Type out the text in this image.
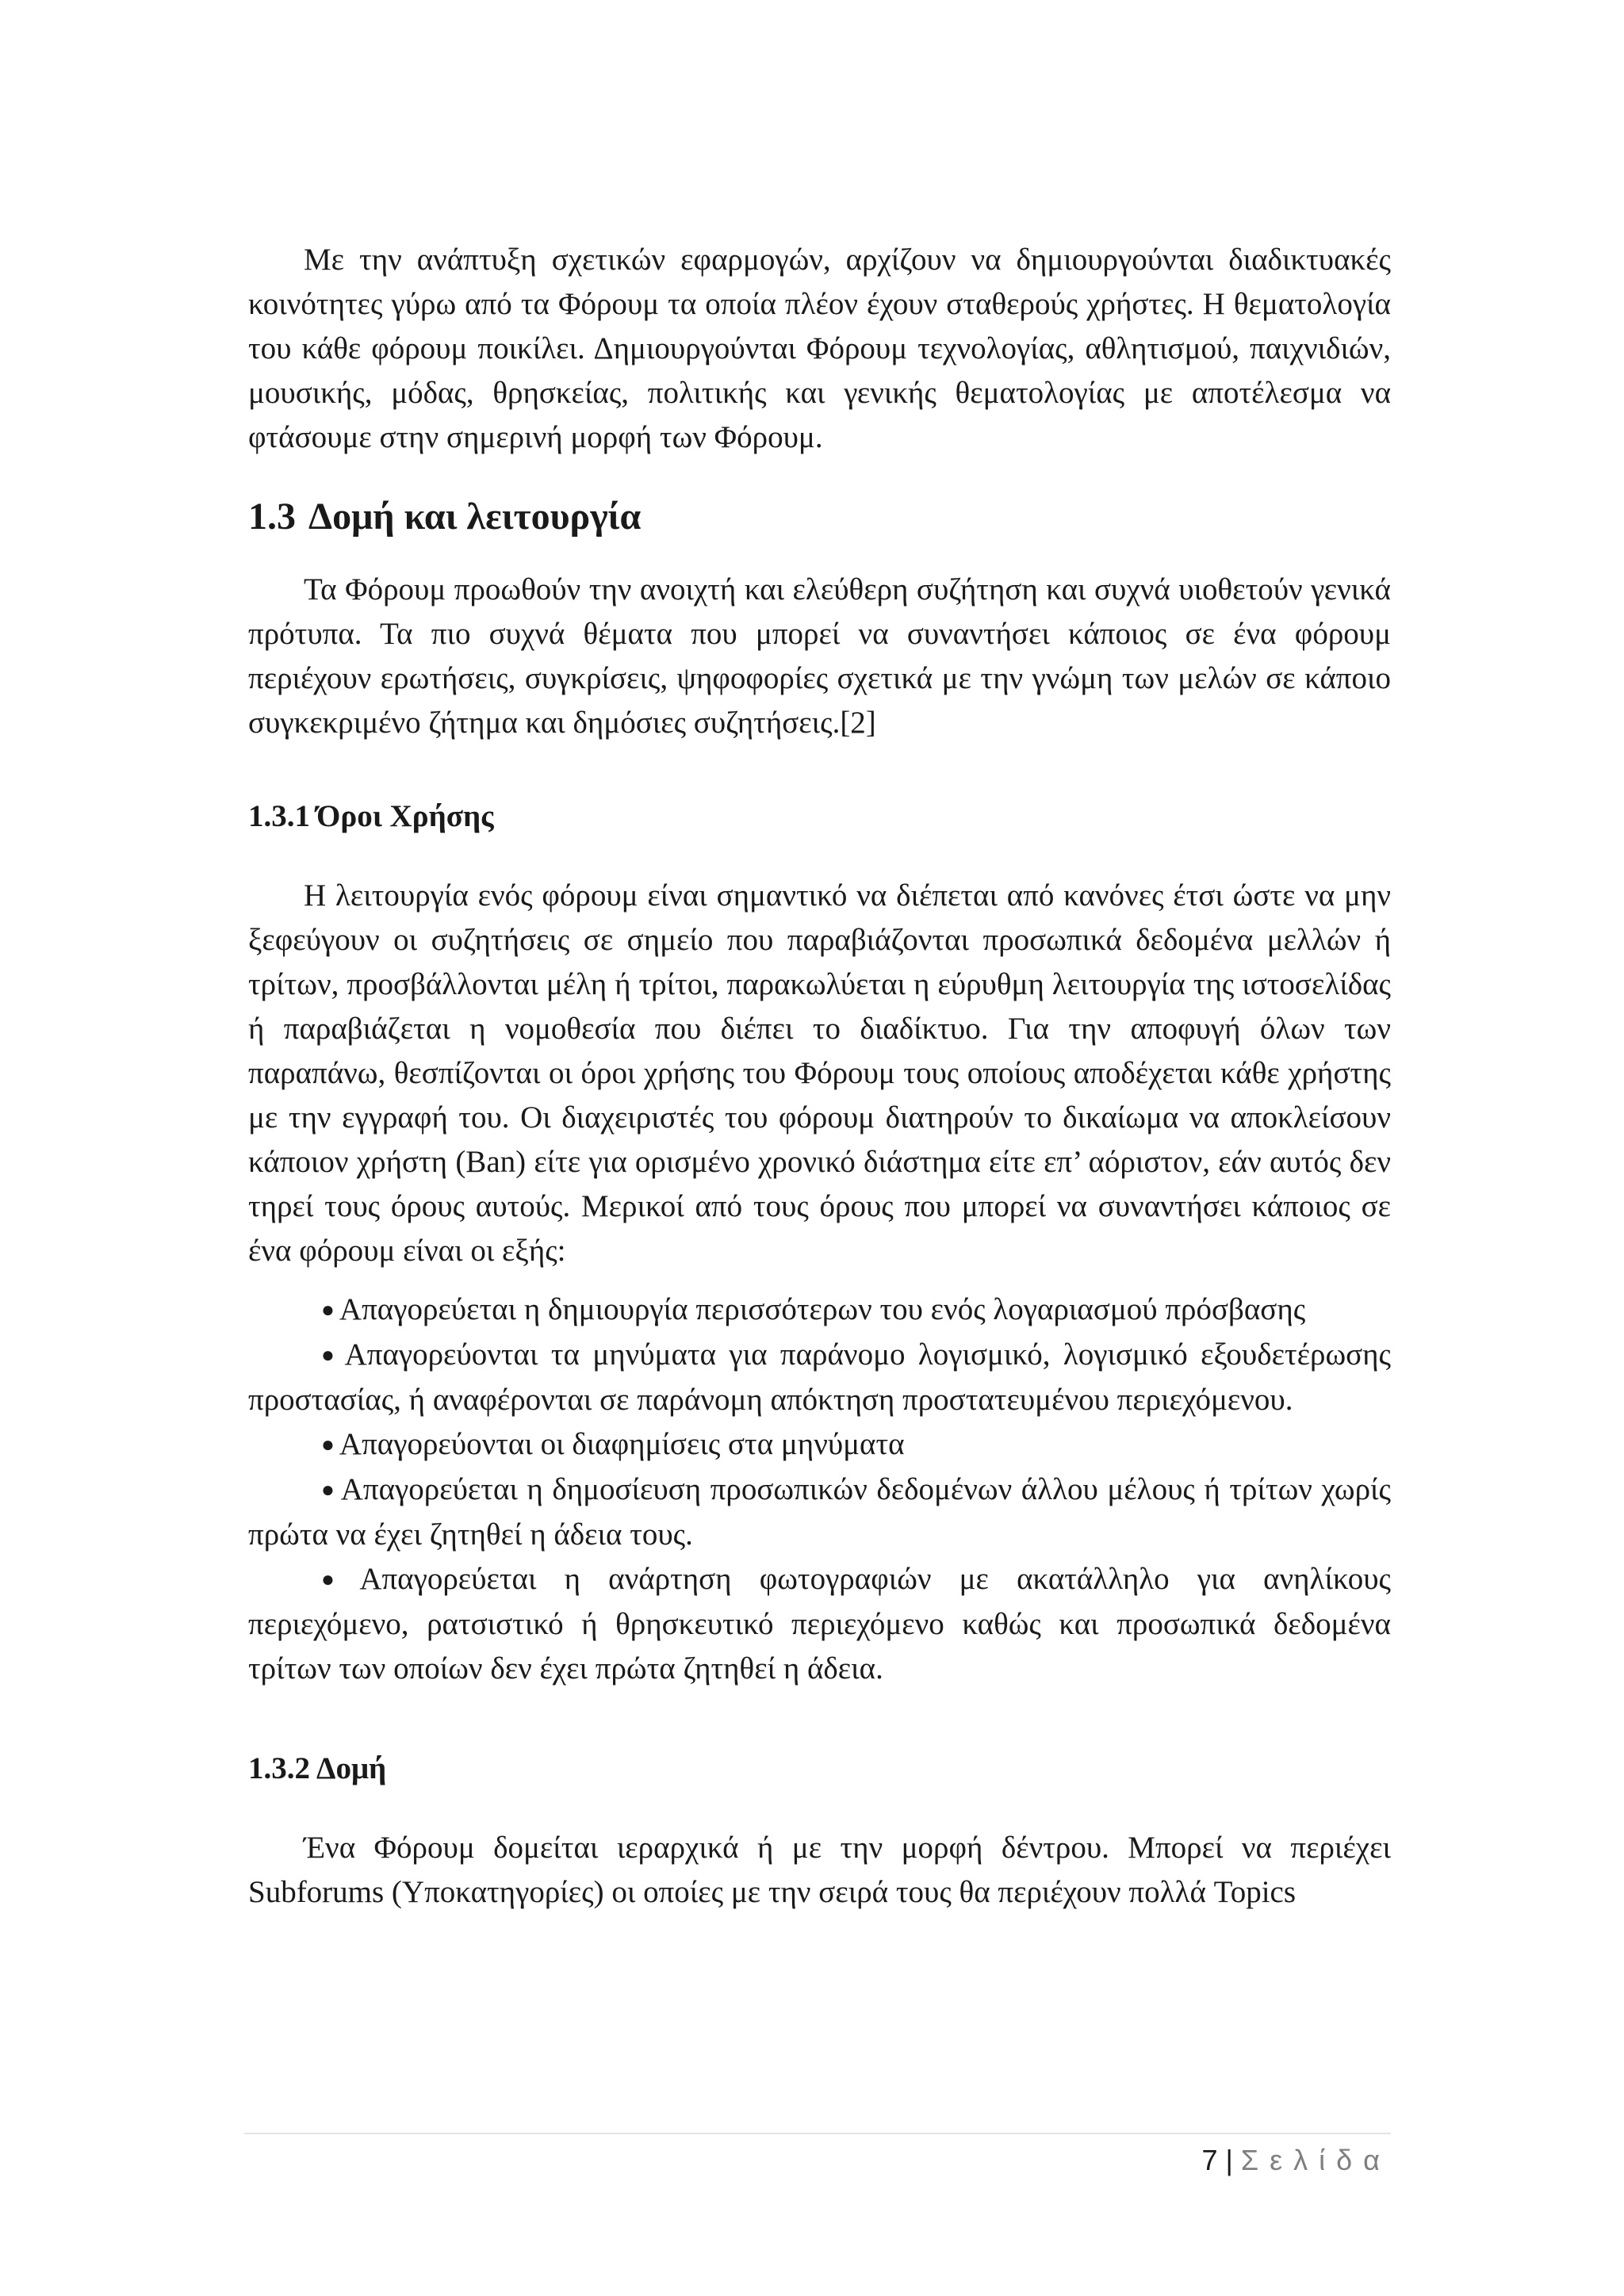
Με την ανάπτυξη σχετικών εφαρμογών, αρχίζουν να δημιουργούνται διαδικτυακές κοινότητες γύρω από τα Φόρουμ τα οποία πλέον έχουν σταθερούς χρήστες. Η θεματολογία του κάθε φόρουμ ποικίλει. Δημιουργούνται Φόρουμ τεχνολογίας, αθλητισμού, παιχνιδιών, μουσικής, μόδας, θρησκείας, πολιτικής και γενικής θεματολογίας με αποτέλεσμα να φτάσουμε στην σημερινή μορφή των Φόρουμ.

1.3 Δομή και λειτουργία

Τα Φόρουμ προωθούν την ανοιχτή και ελεύθερη συζήτηση και συχνά υιοθετούν γενικά πρότυπα. Τα πιο συχνά θέματα που μπορεί να συναντήσει κάποιος σε ένα φόρουμ περιέχουν ερωτήσεις, συγκρίσεις, ψηφοφορίες σχετικά με την γνώμη των μελών σε κάποιο συγκεκριμένο ζήτημα και δημόσιες συζητήσεις.[2]

1.3.1 Όροι Χρήσης

Η λειτουργία ενός φόρουμ είναι σημαντικό να διέπεται από κανόνες έτσι ώστε να μην ξεφεύγουν οι συζητήσεις σε σημείο που παραβιάζονται προσωπικά δεδομένα μελλών ή τρίτων, προσβάλλονται μέλη ή τρίτοι, παρακωλύεται η εύρυθμη λειτουργία της ιστοσελίδας ή παραβιάζεται η νομοθεσία που διέπει το διαδίκτυο. Για την αποφυγή όλων των παραπάνω, θεσπίζονται οι όροι χρήσης του Φόρουμ τους οποίους αποδέχεται κάθε χρήστης με την εγγραφή του. Οι διαχειριστές του φόρουμ διατηρούν το δικαίωμα να αποκλείσουν κάποιον χρήστη (Ban) είτε για ορισμένο χρονικό διάστημα είτε επ’ αόριστον, εάν αυτός δεν τηρεί τους όρους αυτούς. Μερικοί από τους όρους που μπορεί να συναντήσει κάποιος σε ένα φόρουμ είναι οι εξής:

● Απαγορεύεται η δημιουργία περισσότερων του ενός λογαριασμού πρόσβασης
● Απαγορεύονται τα μηνύματα για παράνομο λογισμικό, λογισμικό εξουδετέρωσης προστασίας, ή αναφέρονται σε παράνομη απόκτηση προστατευμένου περιεχόμενου.
● Απαγορεύονται οι διαφημίσεις στα μηνύματα
● Απαγορεύεται η δημοσίευση προσωπικών δεδομένων άλλου μέλους ή τρίτων χωρίς πρώτα να έχει ζητηθεί η άδεια τους.
● Απαγορεύεται η ανάρτηση φωτογραφιών με ακατάλληλο για ανηλίκους περιεχόμενο, ρατσιστικό ή θρησκευτικό περιεχόμενο καθώς και προσωπικά δεδομένα τρίτων των οποίων δεν έχει πρώτα ζητηθεί η άδεια.
1.3.2 Δομή

Ένα Φόρουμ δομείται ιεραρχικά ή με την μορφή δέντρου. Μπορεί να περιέχει Subforums (Υποκατηγορίες) οι οποίες με την σειρά τους θα περιέχουν πολλά Topics

7 | Σελίδα
